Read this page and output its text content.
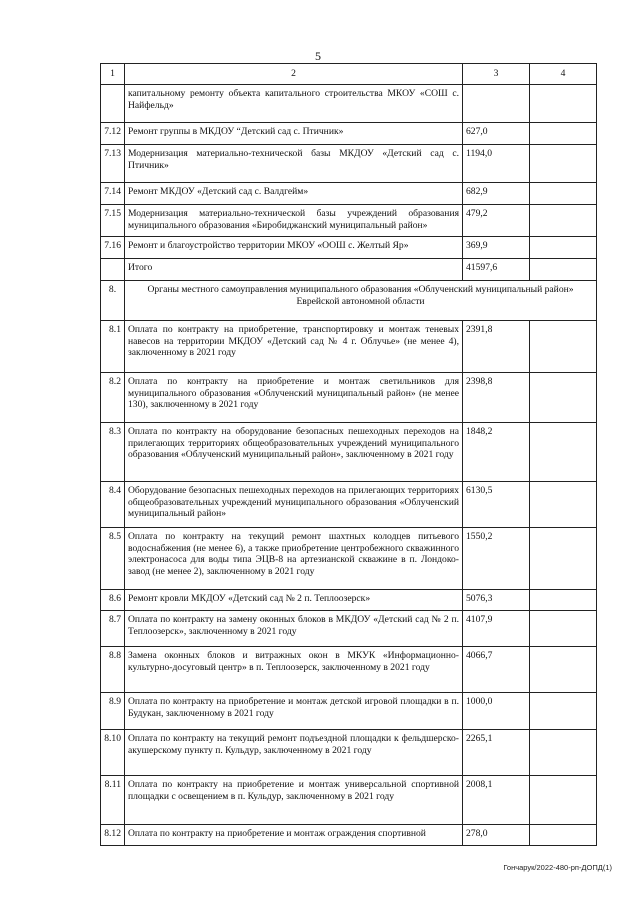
5
1	2	3	4
	капитальному ремонту объекта капитального строительства МКОУ «СОШ с. Найфельд»		
7.12	Ремонт группы в МКДОУ “Детский сад с. Птичник»	627,0	
7.13	Модернизация материально-технической базы МКДОУ «Детский сад с. Птичник»	1194,0	
7.14	Ремонт МКДОУ «Детский сад с. Валдгейм»	682,9	
7.15	Модернизация материально-технической базы учреждений образования муниципального образования «Биробиджанский муниципальный район»	479,2	
7.16	Ремонт и благоустройство территории МКОУ «ООШ с. Желтый Яр»	369,9	
	Итого	41597,6	
8.	Органы местного самоуправления муниципального образования «Облученский муниципальный район» Еврейской автономной области		
8.1	Оплата по контракту на приобретение, транспортировку и монтаж теневых навесов на территории МКДОУ «Детский сад № 4 г. Облучье» (не менее 4), заключенному в 2021 году	2391,8	
8.2	Оплата по контракту на приобретение и монтаж светильников для муниципального образования «Облученский муниципальный район» (не менее 130), заключенному в 2021 году	2398,8	
8.3	Оплата по контракту на оборудование безопасных пешеходных переходов на прилегающих территориях общеобразовательных учреждений муниципального образования «Облученский муниципальный район», заключенному в 2021 году	1848,2	
8.4	Оборудование безопасных пешеходных переходов на прилегающих территориях общеобразовательных учреждений муниципального образования «Облученский муниципальный район»	6130,5	
8.5	Оплата по контракту на текущий ремонт шахтных колодцев питьевого водоснабжения (не менее 6), а также приобретение центробежного скважинного электронасоса для воды типа ЭЦВ-8 на артезианской скважине в п. Лондоко-завод (не менее 2), заключенному в 2021 году	1550,2	
8.6	Ремонт кровли МКДОУ «Детский сад № 2 п. Теплоозерск»	5076,3	
8.7	Оплата по контракту на замену оконных блоков в МКДОУ «Детский сад № 2 п. Теплоозерск», заключенному в 2021 году	4107,9	
8.8	Замена оконных блоков и витражных окон в МКУК «Информационно-культурно-досуговый центр» в п. Теплоозерск, заключенному в 2021 году	4066,7	
8.9	Оплата по контракту на приобретение и монтаж детской игровой площадки в п. Будукан, заключенному в 2021 году	1000,0	
8.10	Оплата по контракту на текущий ремонт подъездной площадки к фельдшерско-акушерскому пункту п. Кульдур, заключенному в 2021 году	2265,1	
8.11	Оплата по контракту на приобретение и монтаж универсальной спортивной площадки с освещением в п. Кульдур, заключенному в 2021 году	2008,1	
8.12	Оплата по контракту на приобретение и монтаж ограждения спортивной	278,0	
Гончарук/2022-480-рп-ДОПД(1)
